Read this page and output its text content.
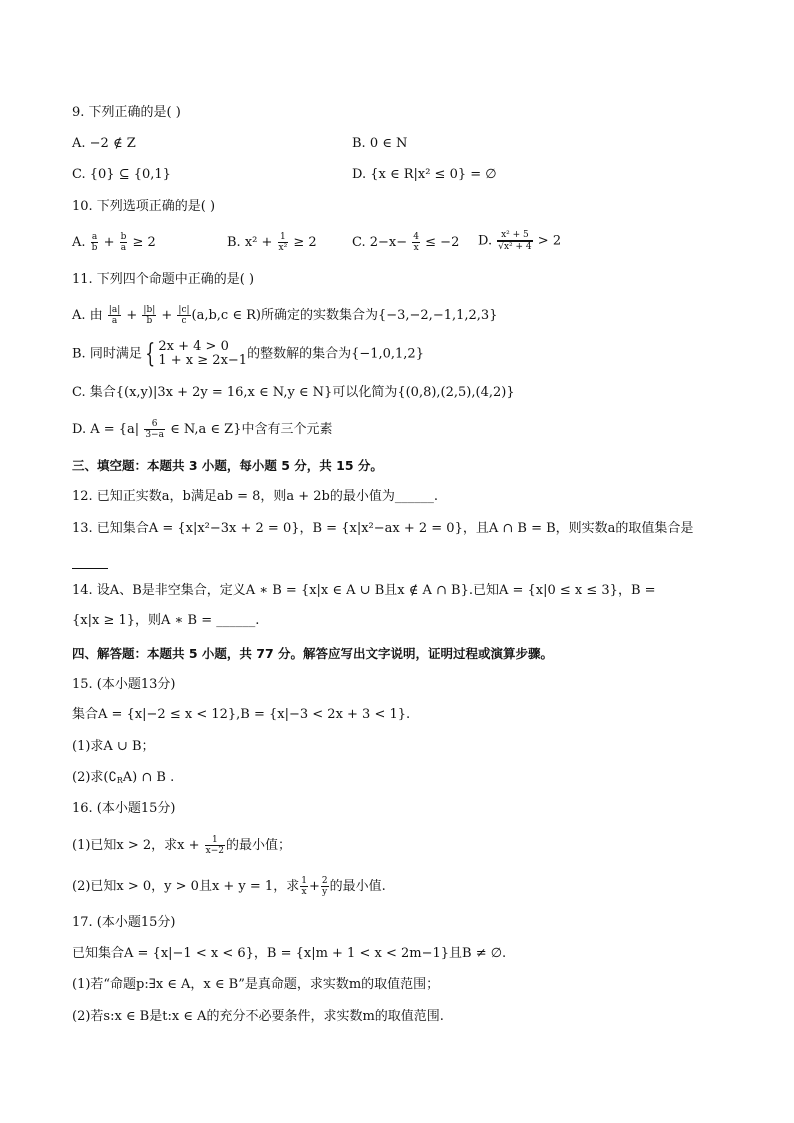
9. 下列正确的是( )
A. −2 ∉ Z	B. 0 ∈ N
C. {0} ⊆ {0,1}	D. {x ∈ R|x² ≤ 0} = ∅
10. 下列选项正确的是( )
A. $\frac{a}{b} + \frac{b}{a} \ge 2$	B. $x^2 + \frac{1}{\text{x²}} \ge 2$	C. $2-x- \frac{4}{x} \le -2$ D. $\frac{\text{x² + 5}}{\text{√x² + 4}} > 2$
11. 下列四个命题中正确的是( )
A. 由 $\frac{|a|}{a} + \frac{|b|}{b} + \frac{|c|}{c} (a,b,c$ ∈ R)所确定的实数集合为{−3,−2,−1,1,2,3}
B. 同时满足 { 2x + 4 > 0
1 + x ≥ 2x−1 的整数解的集合为{−1,0,1,2}
C. 集合{(x,y)|3x + 2y = 16,x ∈ N,y ∈ N}可以化简为{(0,8),(2,5),(4,2)}
D. $A = \{a| \frac{6}{3-a}$ ∈ N,a ∈ Z}中含有三个元素
三、填空题：本题共 3 小题，每小题 5 分，共 15 分。
12. 已知正实数a，b满足ab = 8，则a + 2b的最小值为______.
13. 已知集合A = {x|x²−3x + 2 = 0}，B = {x|x²−ax + 2 = 0}，且A ∩ B = B，则实数a的取值集合是

14. 设A、B是非空集合，定义A ∗ B = {x|x ∈ A ∪ B且x ∉ A ∩ B}.已知A = {x|0 ≤ x ≤ 3}，B =
{x|x ≥ 1}，则A ∗ B = ______.
四、解答题：本题共 5 小题，共 77 分。解答应写出文字说明，证明过程或演算步骤。
15. (本小题13分)
集合A = {x|−2 ≤ x < 12},B = {x|−3 < 2x + 3 < 1}.
(1)求A ∪ B；
(2)求$(∁_RA)$ ∩ B .
16. (本小题15分)
(1)已知x > 2，求$x + \frac{1}{x-2}$ 的最小值；
(2)已知x > 0，y > 0且x + y = 1，求 $\frac{1}{x} + \frac{2}{y}$ 的最小值.
17. (本小题15分)
已知集合A = {x|−1 < x < 6}，B = {x|m + 1 < x < 2m−1}且B ≠ ∅.
(1)若“命题p:∃x ∈ A，x ∈ B”是真命题，求实数m的取值范围；
(2)若s:x ∈ B是t:x ∈ A的充分不必要条件，求实数m的取值范围.
